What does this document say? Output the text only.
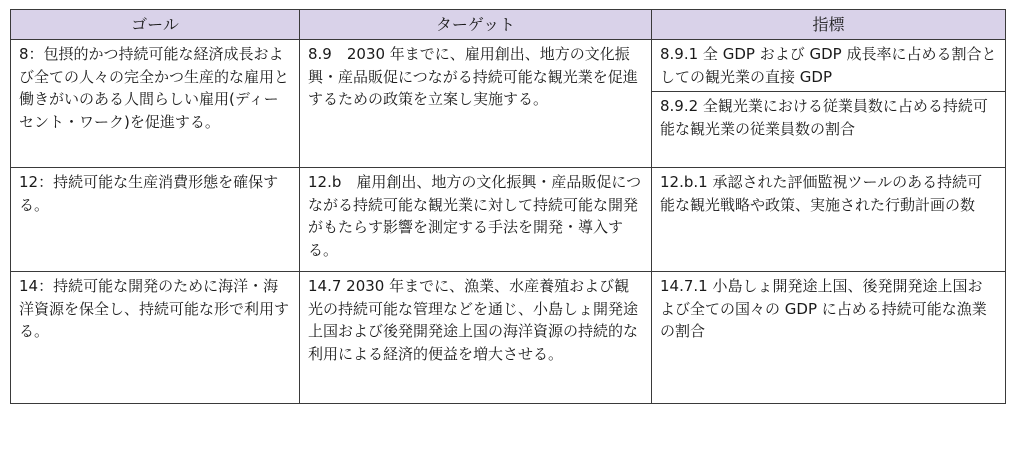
ゴール	ターゲット	指標
8：包摂的かつ持続可能な経済成長および全ての人々の完全かつ生産的な雇用と働きがいのある人間らしい雇用(ディーセント・ワーク)を促進する。	8.9　2030 年までに、雇用創出、地方の文化振興・産品販促につながる持続可能な観光業を促進するための政策を立案し実施する。	8.9.1 全 GDP および GDP 成長率に占める割合としての観光業の直接 GDP
		8.9.2 全観光業における従業員数に占める持続可能な観光業の従業員数の割合
12：持続可能な生産消費形態を確保する。	12.b　雇用創出、地方の文化振興・産品販促につながる持続可能な観光業に対して持続可能な開発がもたらす影響を測定する手法を開発・導入する。	12.b.1 承認された評価監視ツールのある持続可能な観光戦略や政策、実施された行動計画の数
14：持続可能な開発のために海洋・海洋資源を保全し、持続可能な形で利用する。	14.7 2030 年までに、漁業、水産養殖および観光の持続可能な管理などを通じ、小島しょ開発途上国および後発開発途上国の海洋資源の持続的な利用による経済的便益を増大させる。	14.7.1 小島しょ開発途上国、後発開発途上国および全ての国々の GDP に占める持続可能な漁業の割合
